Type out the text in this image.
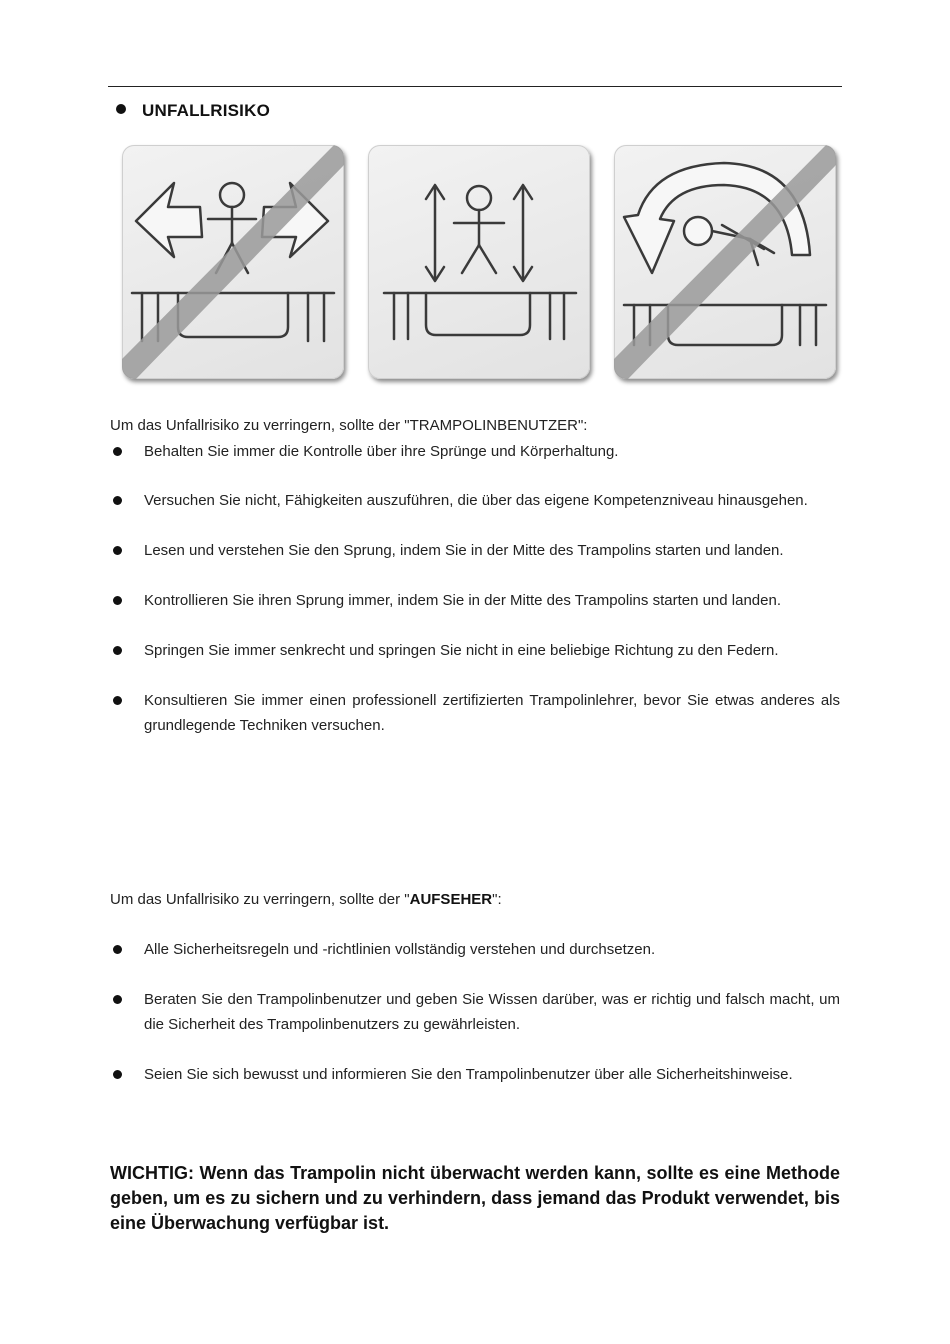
UNFALLRISIKO
Um das Unfallrisiko zu verringern, sollte der "TRAMPOLINBENUTZER":
Behalten Sie immer die Kontrolle über ihre Sprünge und Körperhaltung.
Versuchen Sie nicht, Fähigkeiten auszuführen, die über das eigene Kompetenzniveau hinausgehen.
Lesen und verstehen Sie den Sprung, indem Sie in der Mitte des Trampolins starten und landen.
Kontrollieren Sie ihren Sprung immer, indem Sie in der Mitte des Trampolins starten und landen.
Springen Sie immer senkrecht und springen Sie nicht in eine beliebige Richtung zu den Federn.
Konsultieren Sie immer einen professionell zertifizierten Trampolinlehrer, bevor Sie etwas anderes als grundlegende Techniken versuchen.
Um das Unfallrisiko zu verringern, sollte der "AUFSEHER":
Alle Sicherheitsregeln und -richtlinien vollständig verstehen und durchsetzen.
Beraten Sie den Trampolinbenutzer und geben Sie Wissen darüber, was er richtig und falsch macht, um die Sicherheit des Trampolinbenutzers zu gewährleisten.
Seien Sie sich bewusst und informieren Sie den Trampolinbenutzer über alle Sicherheitshinweise.
WICHTIG: Wenn das Trampolin nicht überwacht werden kann, sollte es eine Methode geben, um es zu sichern und zu verhindern, dass jemand das Produkt verwendet, bis eine Überwachung verfügbar ist.
